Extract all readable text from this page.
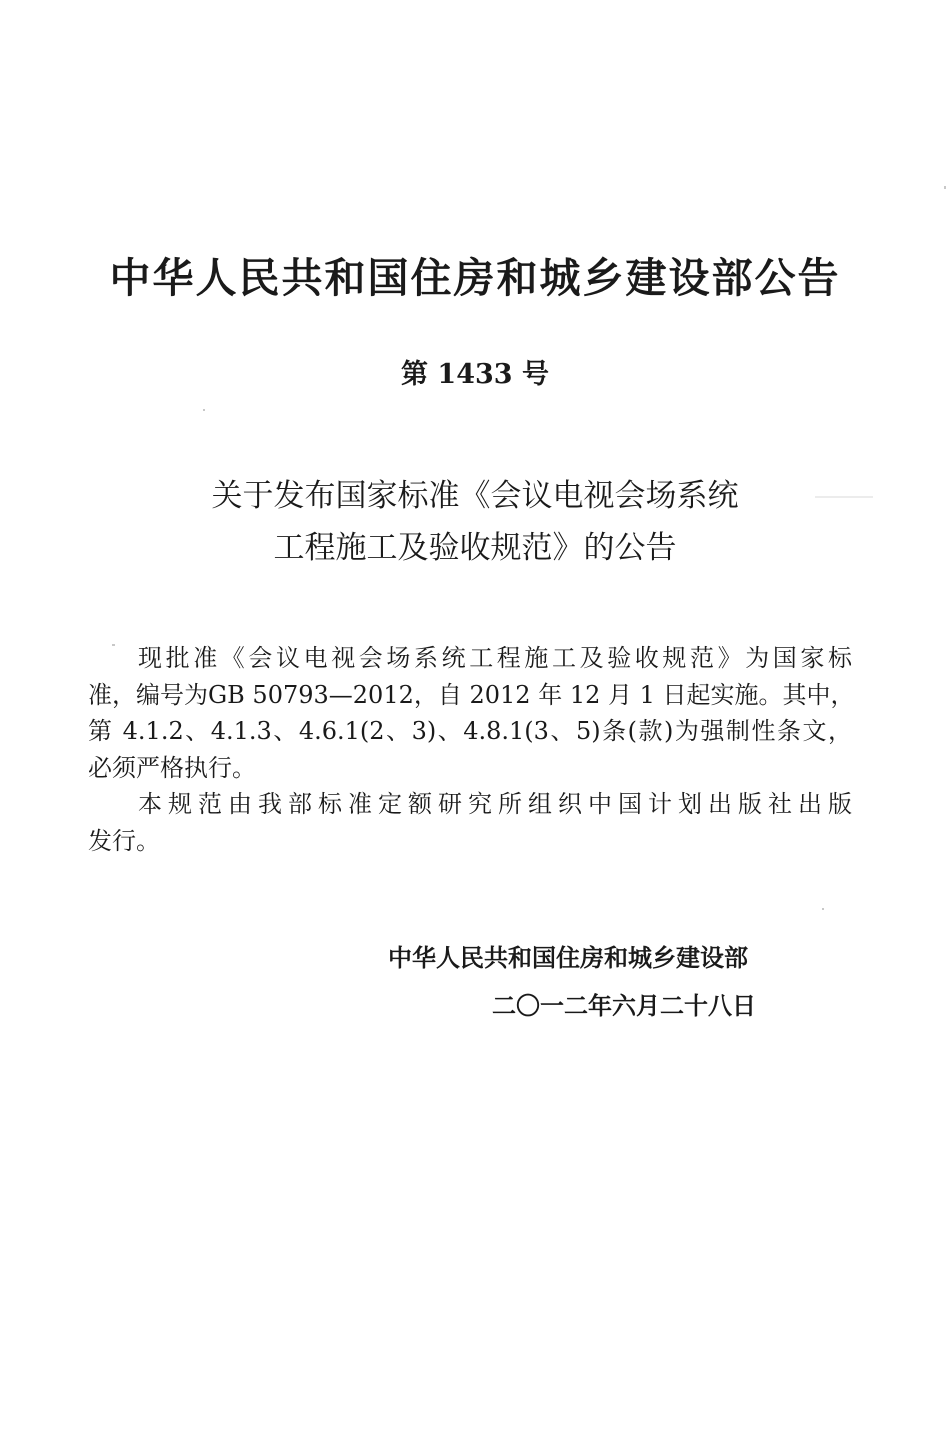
中华人民共和国住房和城乡建设部公告
第 1433 号
关于发布国家标准《会议电视会场系统
工程施工及验收规范》的公告
现批准《会议电视会场系统工程施工及验收规范》为国家标
准，编号为GB 50793—2012，自 2012 年 12 月 1 日起实施。其中，
第 4.1.2、4.1.3、4.6.1(2、3)、4.8.1(3、5)条(款)为强制性条文，
必须严格执行。
本规范由我部标准定额研究所组织中国计划出版社出版
发行。
中华人民共和国住房和城乡建设部
二〇一二年六月二十八日
